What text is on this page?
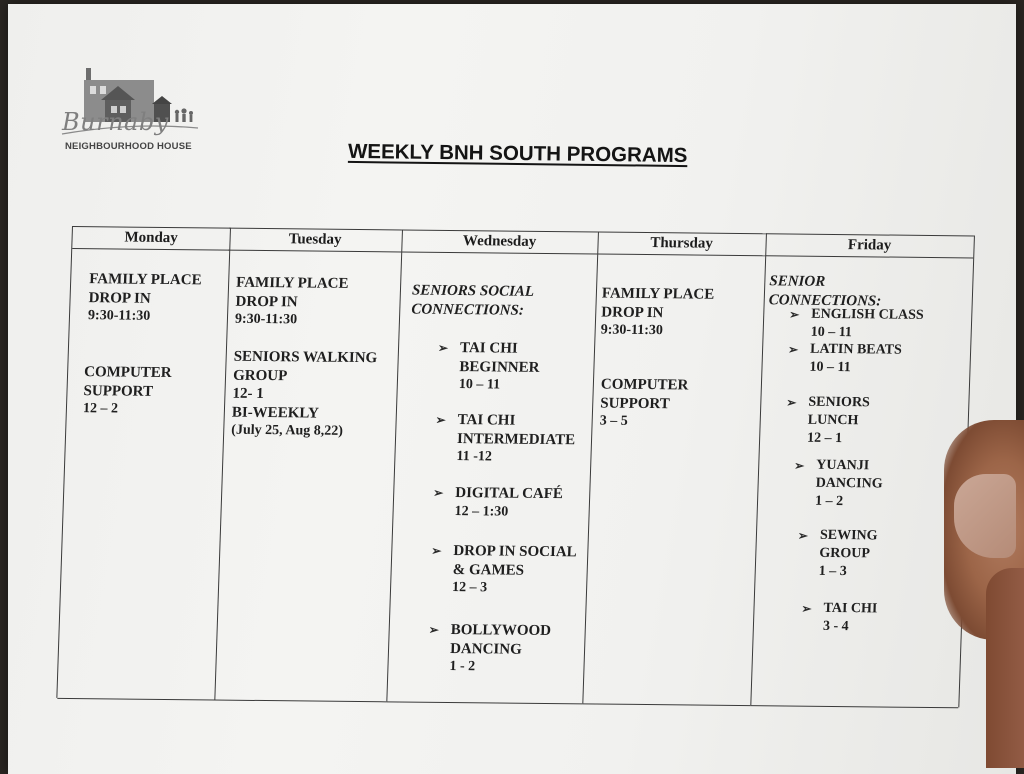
Burnaby
NEIGHBOURHOOD HOUSE	WEEKLY BNH SOUTH PROGRAMS
Monday
FAMILY PLACE
DROP IN
9:30-11:30
COMPUTER
SUPPORT
12 – 2
Tuesday
FAMILY PLACE
DROP IN
9:30-11:30
SENIORS WALKING
GROUP
12- 1
BI-WEEKLY
(July 25, Aug 8,22)
Wednesday
SENIORS SOCIAL
CONNECTIONS:
➢ TAI CHI
BEGINNER
10 – 11
➢ TAI CHI
INTERMEDIATE
11 -12
➢ DIGITAL CAFÉ
12 – 1:30
➢ DROP IN SOCIAL
& GAMES
12 – 3
➢ BOLLYWOOD
DANCING
1 - 2
Thursday
FAMILY PLACE
DROP IN
9:30-11:30
COMPUTER
SUPPORT
3 – 5
Friday
SENIOR
CONNECTIONS:
➢ ENGLISH CLASS
10 – 11
➢ LATIN BEATS
10 – 11
➢ SENIORS
LUNCH
12 – 1
➢ YUANJI
DANCING
1 – 2
➢ SEWING
GROUP
1 – 3
➢ TAI CHI
3 - 4
